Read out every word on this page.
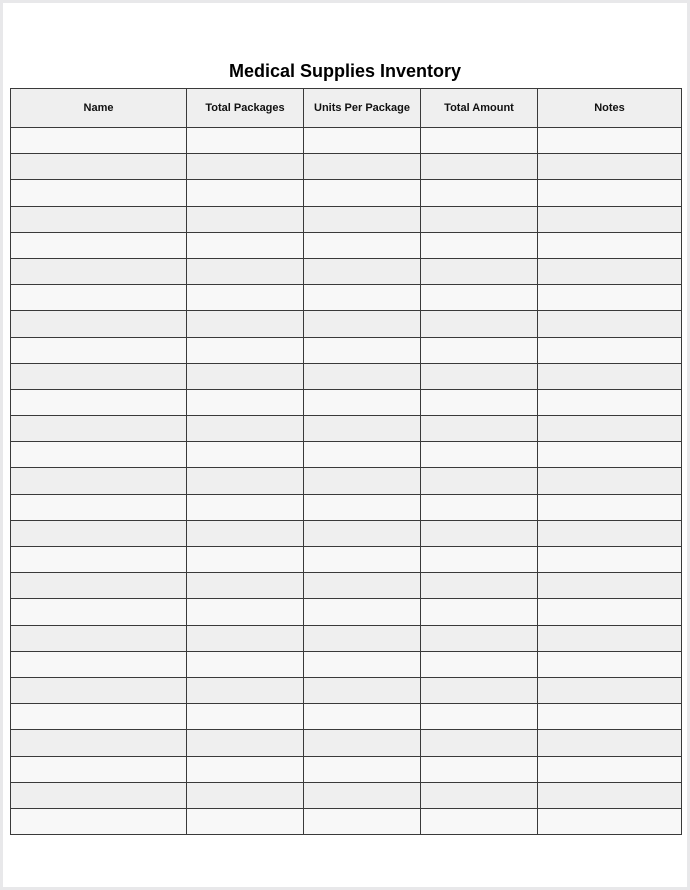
Medical Supplies Inventory
Name	Total Packages	Units Per Package	Total Amount	Notes
